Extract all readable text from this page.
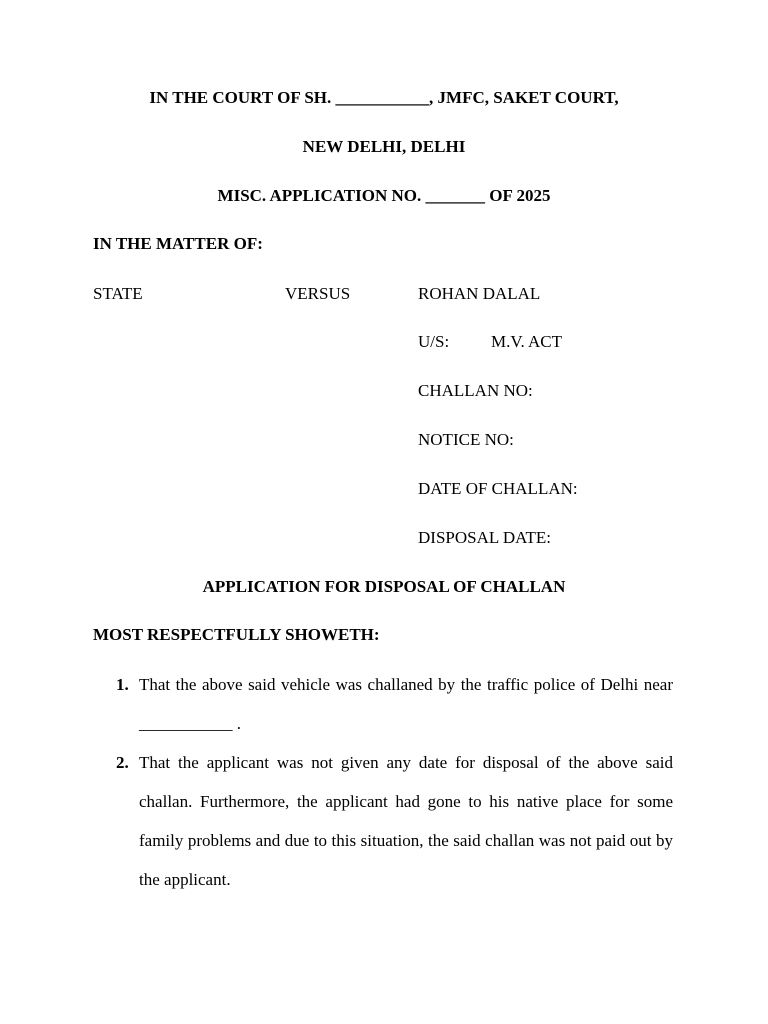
IN THE COURT OF SH. ___________, JMFC, SAKET COURT,
NEW DELHI, DELHI
MISC. APPLICATION NO. _______ OF 2025
IN THE MATTER OF:
STATE	VERSUS	ROHAN DALAL
U/S: M.V. ACT
CHALLAN NO:
NOTICE NO:
DATE OF CHALLAN:
DISPOSAL DATE:
APPLICATION FOR DISPOSAL OF CHALLAN
MOST RESPECTFULLY SHOWETH:
1. That the above said vehicle was challaned by the traffic police of Delhi near ___________ .
2. That the applicant was not given any date for disposal of the above said challan. Furthermore, the applicant had gone to his native place for some family problems and due to this situation, the said challan was not paid out by the applicant.
